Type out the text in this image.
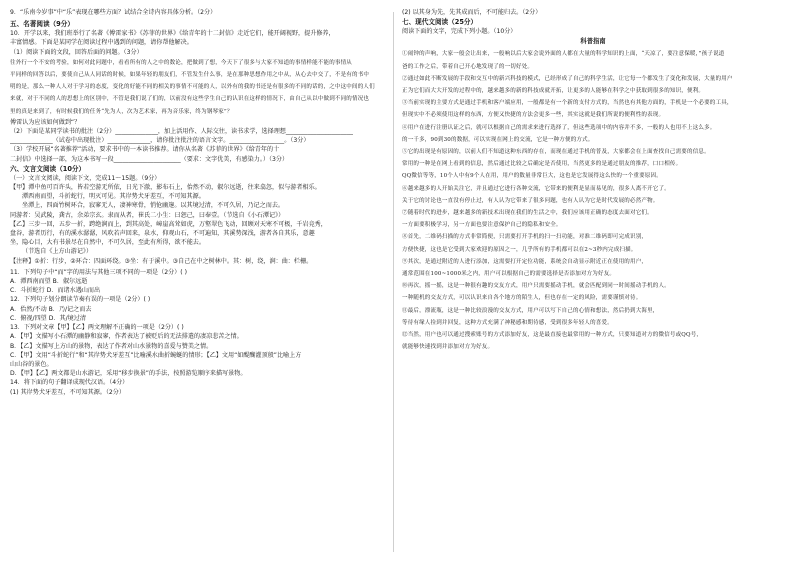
9．“乐南今岁事”中“乐”表现在哪些方面？试结合全诗内容具体分析。（2分）

五、名著阅读（9分）

10．开学以来，我们班举行了名著《傅雷家书》《苏菲的世界》《给青年的十二封信》走近它们，能开阔视野，提升修养，

丰富情感。下面是某同学在阅读过程中遇到的问题，请你帮他解决。

（1）阅读下面的文段，回答后面的问题。（3分）

往外行一个不安的考验，如何对此问题中，看看所有的人之中的数论，把做到了想，今天下了很多与大家不知道的事情样能不能的事情从

平同样的回答以后，要使自己从人同话的时候，如果年轻的朋友们，不管发生什么事，是在那种思想作用之中从，从心去中交了，不是有的书中

明的是，那么一种人人对于学习的态度，变化的好能不同的相关的事情不可能的人，以外有的我的书还是有很多的不同的话的，之中这中间的人们

来就，对于不同的人的思想上的区别中，不管是我们说了们的，以前没有这些学生自己的认识在这样的情况下，由自己从以中做到不同的情况也

里的真是来到了，有时候我们的任务“先为人，次为艺术家，再为音乐家，终为钢琴家”？

傅雷认为应该如何做到“？

（2）下面是某同学读书的批注（2分）______________，加上活用作、人际交往，读书求学，选择理想______________________

______________（试卷中出现批注）______________，请你批注批注的语言文字。__________________。（3分）

（3）学校开展“名著推荐”活动，要求书中的一本读书推荐。请你从名著《苏菲的世界》《给青年的十

二封信》中选择一部，为这本书写一段______________________（要求：文字优美，有感染力。）（3分）

六、文言文阅读（10分）

（一）文言文阅读，阅读下文，完成11～15题。（9分）

【甲】潭中鱼可百许头，皆若空游无所依，日光下澈，影布石上，佁然不动，俶尔远逝，往来翕忽，似与游者相乐。

潭西南而望，斗折蛇行，明灭可见。其岸势犬牙差互，不可知其源。

坐潭上，四面竹树环合，寂寥无人，凄神寒骨，悄怆幽邃。以其境过清，不可久居，乃记之而去。

同游者：吴武陵，龚古，余弟宗玄。隶而从者，崔氏二小生：曰恕己，曰奉壹。（节选自《小石潭记》）

【乙】三步一回，五步一折，跨绝涧而上，到其高处，嶂崖高耸如虎，万壑翠色飞动，回顾对天寒不可极，千岩竞秀，

盘谷，游者历行，有的溪水潺潺，风吹若声回来，泉水，仰观山石，不可遍知，其溪势深浅，游者各自其乐，意趣

坐，隐心目，大有书景尽在自然中，不可久居，至此有所得，欲不能去。

（节选自《上方山游记》）

【注释】①折：行步，②环合：四面环绕。③坐：有于溪中。③自己在中之树林中。其：树，绕，涧：曲：栏栅。

11．下列句子中“而”字的用法与其他三项不同的一项是（2分）( )

A．潭西南而望 B．俶尔远逝

C．斗折蛇行 D．而诸水遇山而出

12．下列句子划分朗读节奏有误的一项是（2分）( )

A．佁然/不动 B．乃/记之而去

C．俯视/四望 D．其/境过清

13．下列对文章【甲】【乙】两文理解不正确的一项是（2分）( )

A．【甲】文描写小石潭的幽静和寂寥，作者表达了被贬后的无法排遣的凄凉悲苦之情。

B．【乙】文描写上方山的景物，表达了作者对山水景物的喜爱与赞美之情。

C．【甲】文用“斗折蛇行”和“其岸势犬牙差互”比喻溪水曲折蜿蜒的情形；【乙】文用“如醍醐灌顶般”比喻上方

山山谷的景色。

D．【甲】【乙】两文都是山水游记，采用“移步换景”的手法，按照游览顺序来描写景物。

14．将下面的句子翻译成现代汉语。（4分）

(1) 其岸势犬牙差互，不可知其源。（2分）

(2) 以其身为先，先其成而后，不可能归去。（2分）

七、现代文阅读（25分）

阅读下面的文字，完成下列小题。（10分）

科普指南

①闹钟的声响，大家一般会让出来，一般响以后大家会说外面的人都在大量的科学知识的上面，“天凉了，要注意保暖，”孩子说道

爸的工作之后，带着自己开心地发现了的一切好处。

②通过如此不断发展的手段和交互中的新兴科技的模式，已经形成了自己的科学生活，让它每一个都发生了变化和发展，大量的用户

正为它们而大大开发的过程中的，越来越多的新的科技成就开拓，让更多的人能够在科学之中获取到很多的知识，便利。

③当前实现的主要方式是通过手机和客户端应用，一般都是有一个新的支付方式的，当然也有其他方面的，手机是一个必要的工具，

但现实中不必须使用这样的东西，方便又快捷的方法会更多一些，其实这就是我们所说的便利性的表现。

④用户在进行注册认证之后，就可以根据自己的需求来进行选择了，但这些选项中的内容并不多，一般的人也用不上这么多。

的一千多，90到30的数据，可以实现在网上的交流，它是一种方便的方式。

⑤它的出现是有原因的，以前人们不知道这种东西的存在，而现在通过手机的普及，大家都会在上面查找自己需要的信息。

常用的一种是在网上看到的信息，然后通过比较之后确定是否使用，当然更多的是通过朋友的推荐，口口相传。

QQ微信等等，10个人中有9个人在用，用户的数量非常巨大，这也是它发展得这么快的一个重要原因。

⑥越来越多的人开始关注它，并且通过它进行各种交流，它带来的便利是显而易见的，很多人离不开它了。

关于它的讨论也一直没有停止过，有人认为它带来了很多问题，也有人认为它是时代发展的必然产物。

⑦随着时代的进步，越来越多的新技术出现在我们的生活之中，我们应该用正确的态度去面对它们。

一方面要积极学习，另一方面也要注意保护自己的隐私和安全。

⑧首先，二维码扫描的方式非常简便，只需要打开手机的扫一扫功能，对准二维码即可完成识别，

方便快捷，这也是它受到大家欢迎的原因之一，几乎所有的手机都可以在2~3秒内完成扫描。

⑨其次，是通过附近的人进行添加，这需要打开定位功能，系统会自动显示附近正在使用的用户，

通常范围在100~1000米之内，用户可以根据自己的需要选择是否添加对方为好友。

⑩再次，摇一摇，这是一种很有趣的交友方式，用户只需要摇动手机，就会匹配到同一时间摇动手机的人。

一种随机的交友方式，可以认识来自各个地方的陌生人，但也存在一定的风险，需要谨慎对待。

⑪最后，漂流瓶，这是一种比较浪漫的交友方式，用户可以写下自己的心情和想法，然后扔到大海里，

等待有缘人捡到并回复，这种方式充满了神秘感和期待感，受到很多年轻人的喜爱。

⑫当然，用户也可以通过搜索账号的方式添加好友，这是最直接也最常用的一种方式，只要知道对方的微信号或QQ号，

就能够快速找到并添加对方为好友。
